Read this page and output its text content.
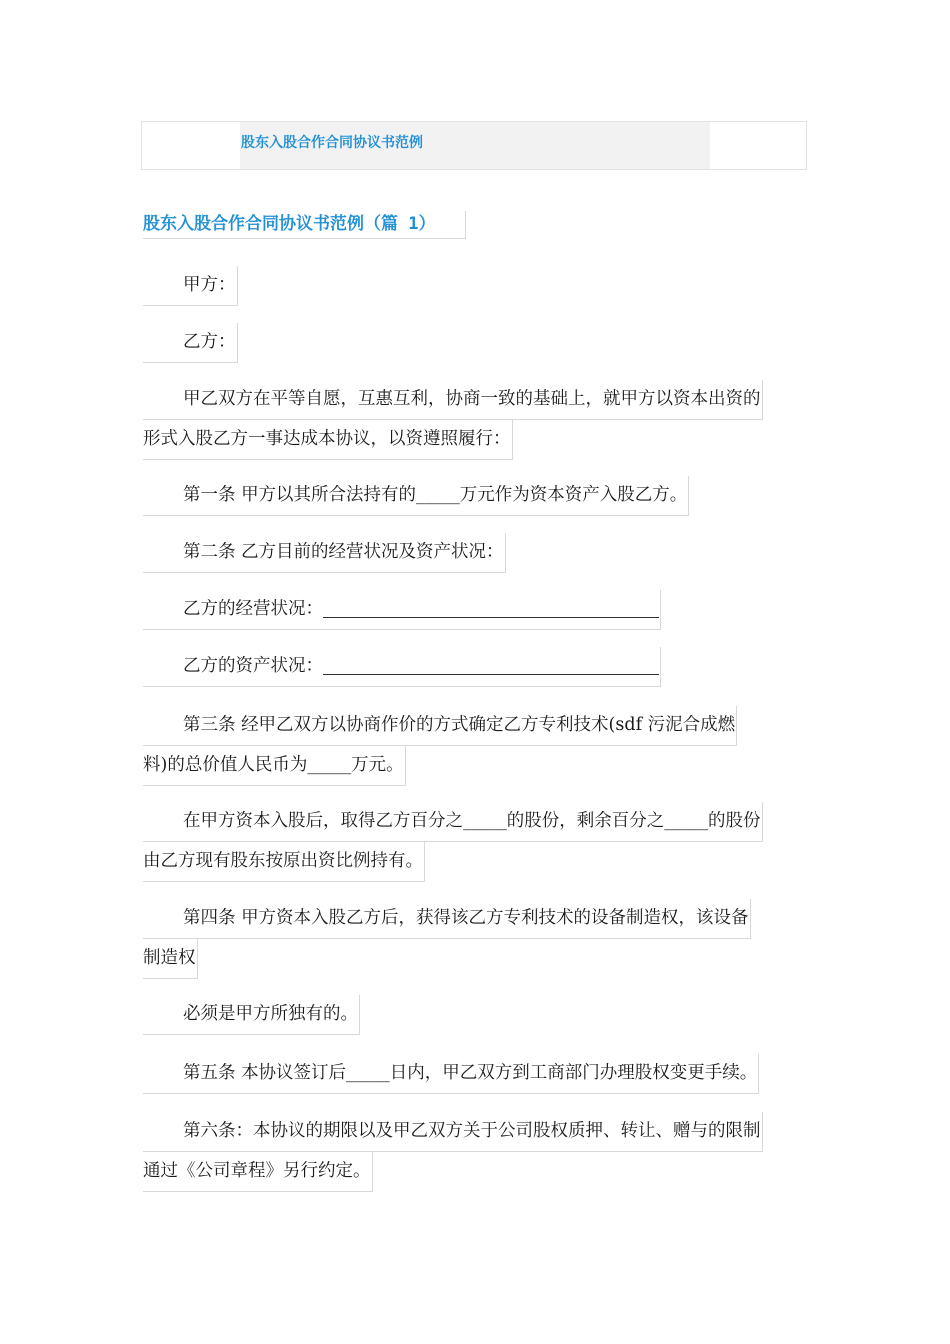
股东入股合作合同协议书范例
股东入股合作合同协议书范例（篇 1）

甲方：

乙方：

甲乙双方在平等自愿，互惠互利，协商一致的基础上，就甲方以资本出资的
形式入股乙方一事达成本协议，以资遵照履行：

第一条 甲方以其所合法持有的_____万元作为资本资产入股乙方。

第二条 乙方目前的经营状况及资产状况：

乙方的经营状况：

乙方的资产状况：

第三条 经甲乙双方以协商作价的方式确定乙方专利技术(sdf 污泥合成燃
料)的总价值人民币为_____万元。

在甲方资本入股后，取得乙方百分之_____的股份，剩余百分之_____的股份
由乙方现有股东按原出资比例持有。

第四条 甲方资本入股乙方后，获得该乙方专利技术的设备制造权，该设备
制造权

必须是甲方所独有的。

第五条 本协议签订后_____日内，甲乙双方到工商部门办理股权变更手续。

第六条：本协议的期限以及甲乙双方关于公司股权质押、转让、赠与的限制
通过《公司章程》另行约定。
